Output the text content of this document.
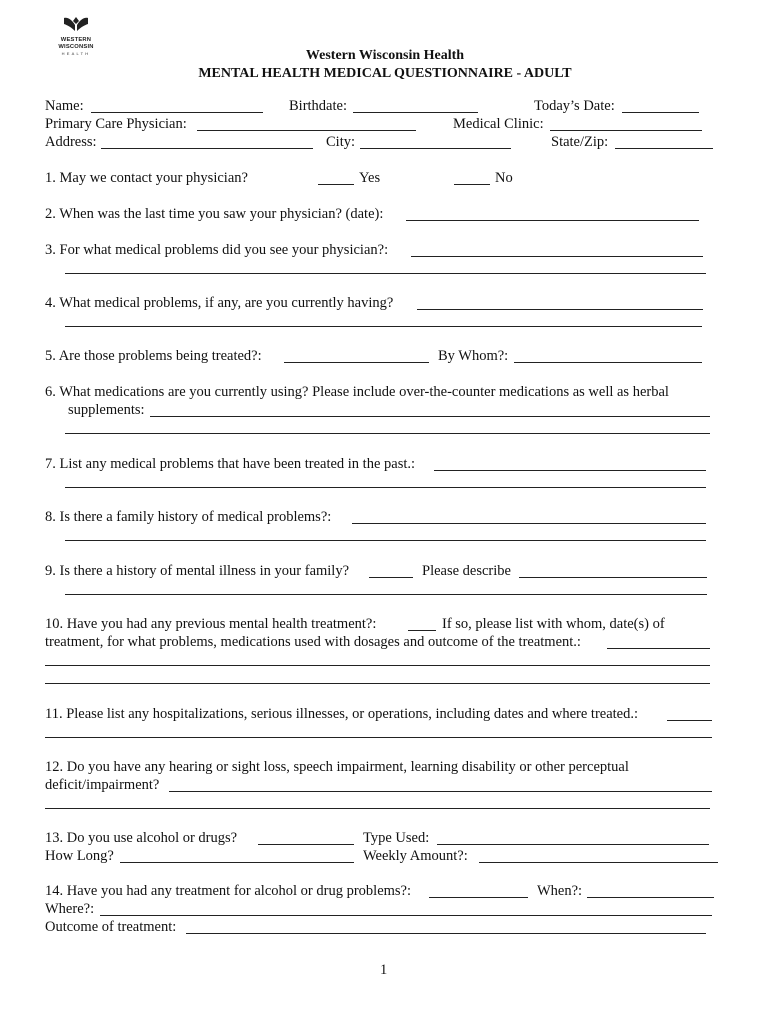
WESTERN
WISCONSIN
HEALTH	Western Wisconsin Health
MENTAL HEALTH MEDICAL QUESTIONNAIRE - ADULT
Name:	Birthdate:	Today’s Date:
Primary Care Physician:	Medical Clinic:
Address:	City:	State/Zip:
1. May we contact your physician?	Yes	No
2. When was the last time you saw your physician? (date):
3. For what medical problems did you see your physician?:
4. What medical problems, if any, are you currently having?
5. Are those problems being treated?:	By Whom?:
6. What medications are you currently using? Please include over-the-counter medications as well as herbal
supplements:
7. List any medical problems that have been treated in the past.:
8. Is there a family history of medical problems?:
9. Is there a history of mental illness in your family?	Please describe
10. Have you had any previous mental health treatment?:	If so, please list with whom, date(s) of
treatment, for what problems, medications used with dosages and outcome of the treatment.:
11. Please list any hospitalizations, serious illnesses, or operations, including dates and where treated.:
12. Do you have any hearing or sight loss, speech impairment, learning disability or other perceptual
deficit/impairment?
13. Do you use alcohol or drugs?	Type Used:
How Long?	Weekly Amount?:
14. Have you had any treatment for alcohol or drug problems?:	When?:
Where?:
Outcome of treatment:
1
